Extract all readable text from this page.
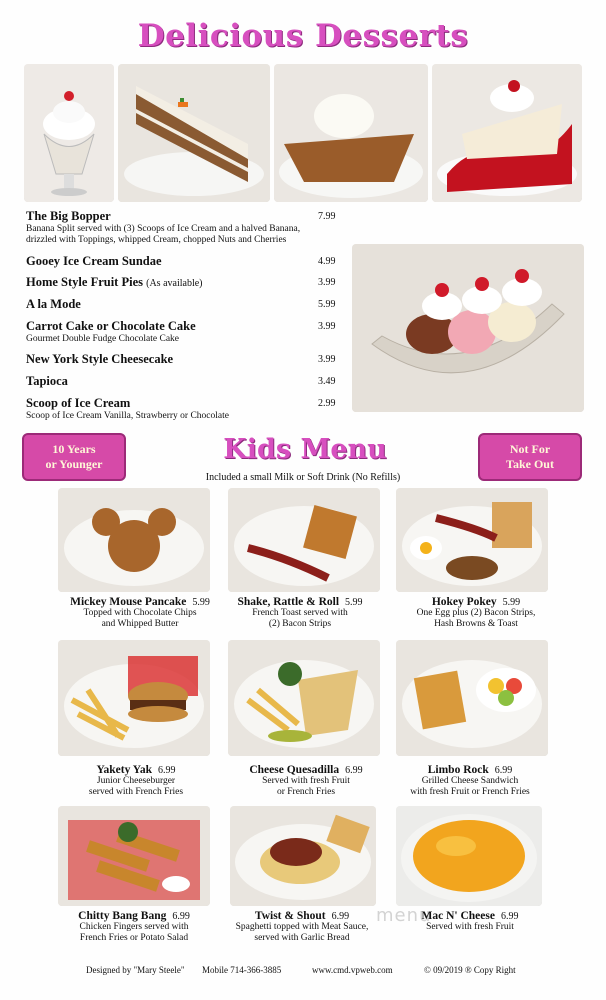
Delicious Desserts
The Big Bopper	7.99
Banana Split served with (3) Scoops of Ice Cream and a halved Banana,
drizzled with Toppings, whipped Cream, chopped Nuts and Cherries
Gooey Ice Cream Sundae	4.99
Home Style Fruit Pies (As available)	3.99
A la Mode	5.99
Carrot Cake or Chocolate Cake	3.99
Gourmet Double Fudge Chocolate Cake
New York Style Cheesecake	3.99
Tapioca	3.49
Scoop of Ice Cream	2.99
Scoop of Ice Cream Vanilla, Strawberry or Chocolate
10 Years
or Younger	Kids Menu	Not For
Take Out
Included a small Milk or Soft Drink (No Refills)
Mickey Mouse Pancake 5.99
Topped with Chocolate Chips
and Whipped Butter
Shake, Rattle & Roll 5.99
French Toast served with
(2) Bacon Strips
Hokey Pokey 5.99
One Egg plus (2) Bacon Strips,
Hash Browns & Toast
Yakety Yak 6.99
Junior Cheeseburger
served with French Fries
Cheese Quesadilla 6.99
Served with fresh Fruit
or French Fries
Limbo Rock 6.99
Grilled Cheese Sandwich
with fresh Fruit or French Fries
menu
Chitty Bang Bang 6.99
Chicken Fingers served with
French Fries or Potato Salad
Twist & Shout 6.99
Spaghetti topped with Meat Sauce,
served with Garlic Bread
Mac N' Cheese 6.99
Served with fresh Fruit
Designed by "Mary Steele" Mobile 714-366-3885	www.cmd.vpweb.com	© 09/2019 ® Copy Right
